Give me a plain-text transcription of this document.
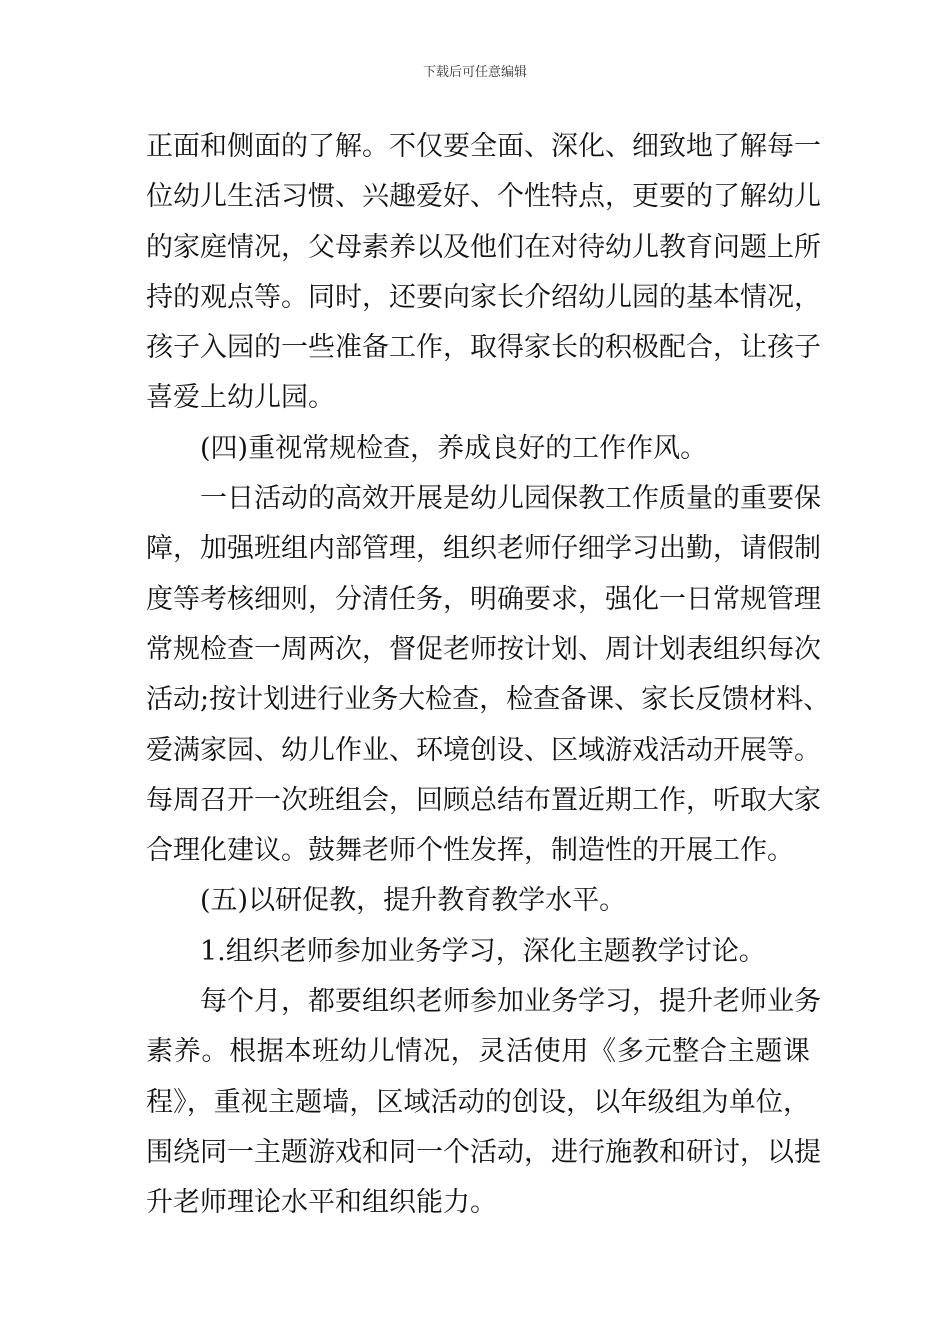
下载后可任意编辑
正面和侧面的了解。不仅要全面、深化、细致地了解每一
位幼儿生活习惯、兴趣爱好、个性特点，更要的了解幼儿
的家庭情况，父母素养以及他们在对待幼儿教育问题上所
持的观点等。同时，还要向家长介绍幼儿园的基本情况，
孩子入园的一些准备工作，取得家长的积极配合，让孩子
喜爱上幼儿园。
(四)重视常规检查，养成良好的工作作风。
一日活动的高效开展是幼儿园保教工作质量的重要保
障，加强班组内部管理，组织老师仔细学习出勤，请假制
度等考核细则，分清任务，明确要求，强化一日常规管理
常规检查一周两次，督促老师按计划、周计划表组织每次
活动;按计划进行业务大检查，检查备课、家长反馈材料、
爱满家园、幼儿作业、环境创设、区域游戏活动开展等。
每周召开一次班组会，回顾总结布置近期工作，听取大家
合理化建议。鼓舞老师个性发挥，制造性的开展工作。
(五)以研促教，提升教育教学水平。
1.组织老师参加业务学习，深化主题教学讨论。
每个月，都要组织老师参加业务学习，提升老师业务
素养。根据本班幼儿情况，灵活使用《多元整合主题课
程》，重视主题墙，区域活动的创设，以年级组为单位，
围绕同一主题游戏和同一个活动，进行施教和研讨，以提
升老师理论水平和组织能力。
